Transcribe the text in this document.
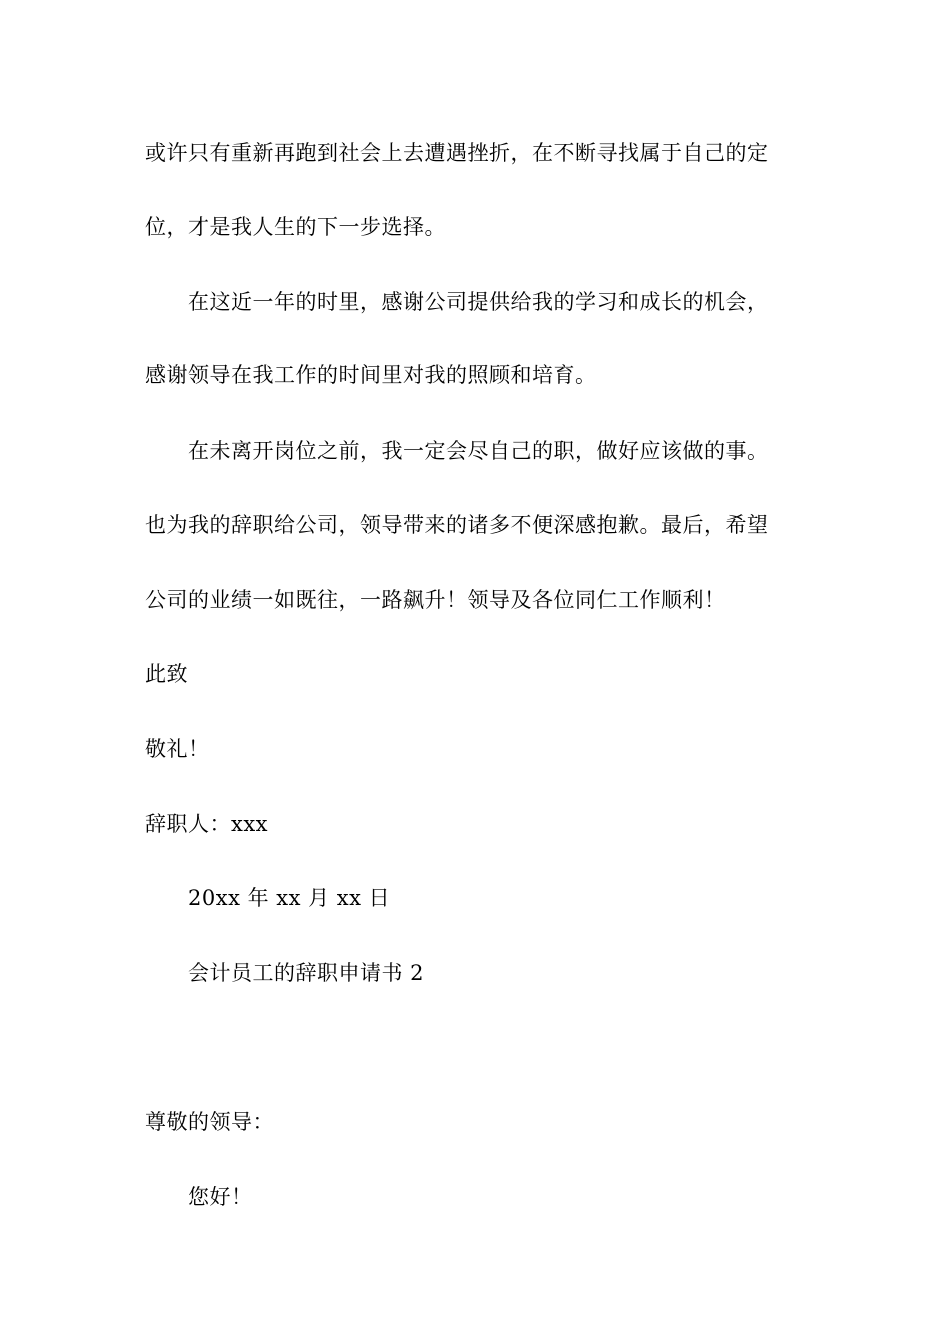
或许只有重新再跑到社会上去遭遇挫折，在不断寻找属于自己的定
位，才是我人生的下一步选择。
在这近一年的时里，感谢公司提供给我的学习和成长的机会，
感谢领导在我工作的时间里对我的照顾和培育。
在未离开岗位之前，我一定会尽自己的职，做好应该做的事。
也为我的辞职给公司，领导带来的诸多不便深感抱歉。最后，希望
公司的业绩一如既往，一路飙升！领导及各位同仁工作顺利！
此致
敬礼！
辞职人：xxx
20xx 年 xx 月 xx 日
会计员工的辞职申请书 2
尊敬的领导：
您好！
